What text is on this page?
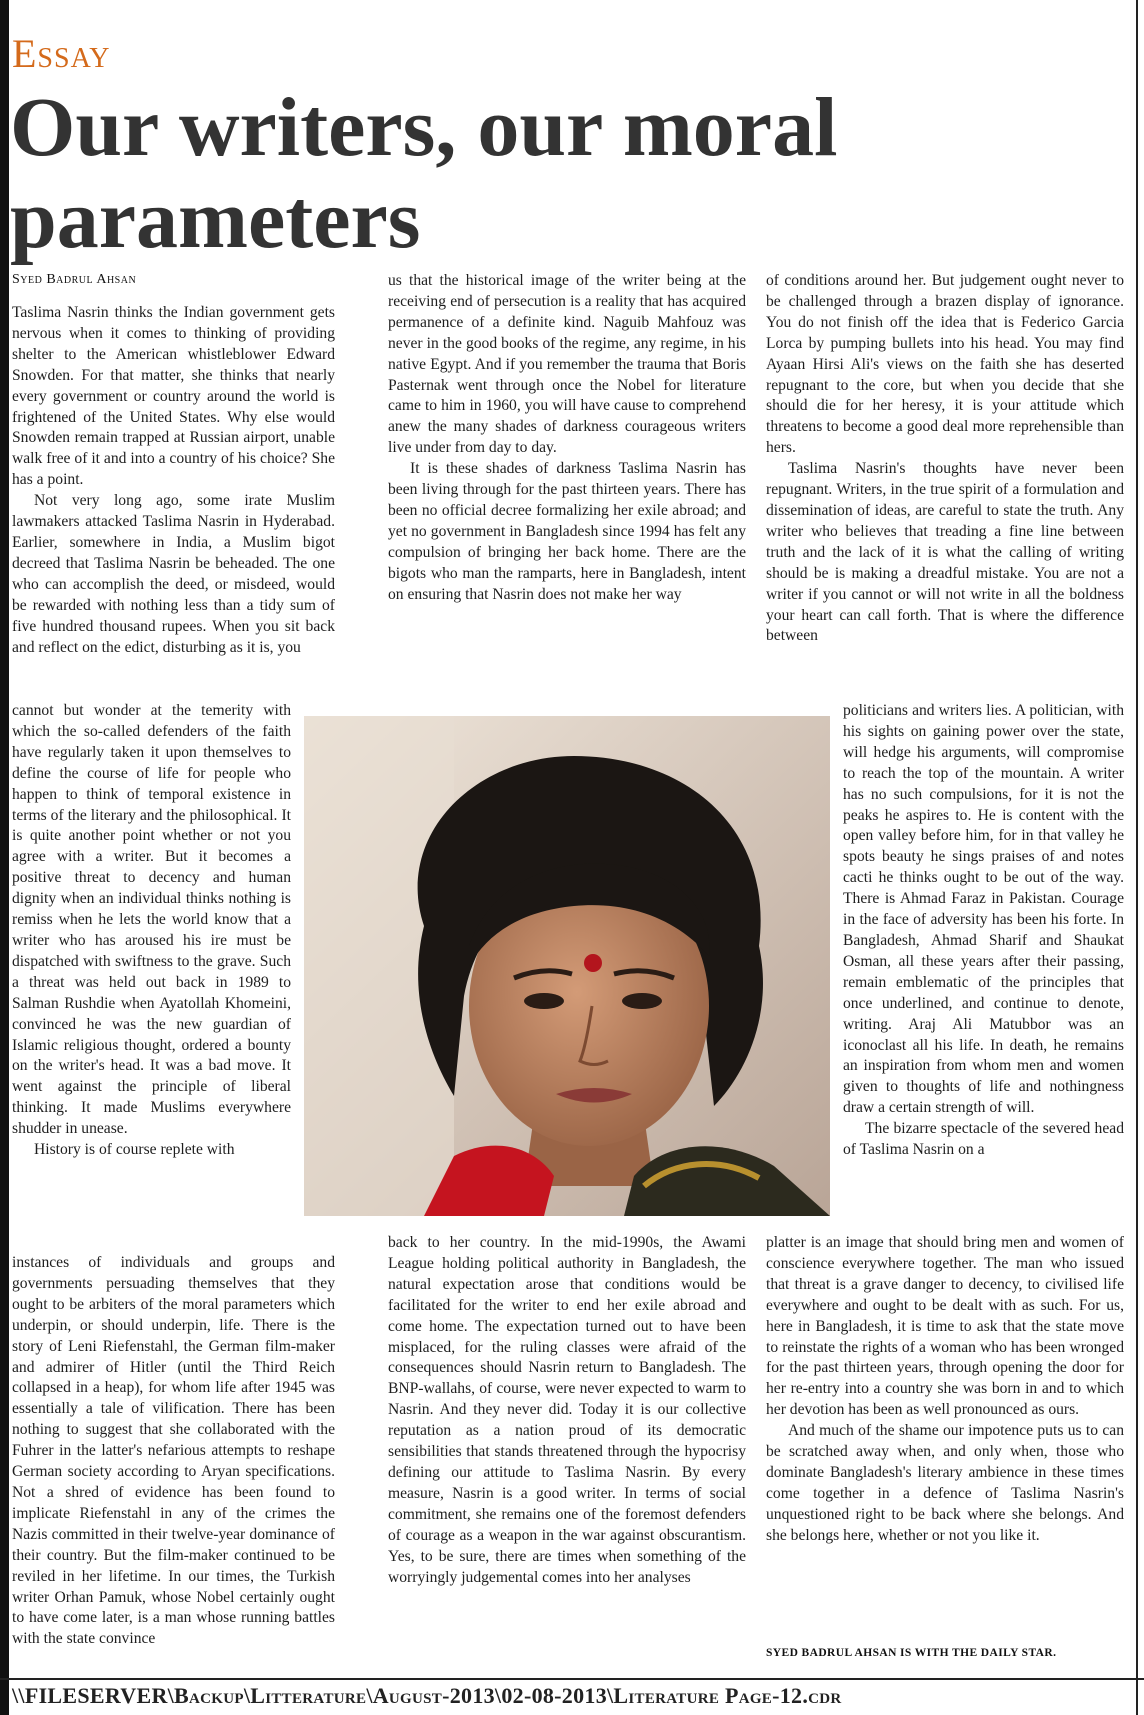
Essay
Our writers, our moral parameters
Syed Badrul Ahsan

Taslima Nasrin thinks the Indian government gets nervous when it comes to thinking of providing shelter to the American whistleblower Edward Snowden. For that matter, she thinks that nearly every government or country around the world is frightened of the United States. Why else would Snowden remain trapped at Russian airport, unable walk free of it and into a country of his choice? She has a point.

Not very long ago, some irate Muslim lawmakers attacked Taslima Nasrin in Hyderabad. Earlier, somewhere in India, a Muslim bigot decreed that Taslima Nasrin be beheaded. The one who can accomplish the deed, or misdeed, would be rewarded with nothing less than a tidy sum of five hundred thousand rupees. When you sit back and reflect on the edict, disturbing as it is, you

cannot but wonder at the temerity with which the so-called defenders of the faith have regularly taken it upon themselves to define the course of life for people who happen to think of temporal existence in terms of the literary and the philosophical. It is quite another point whether or not you agree with a writer. But it becomes a positive threat to decency and human dignity when an individual thinks nothing is remiss when he lets the world know that a writer who has aroused his ire must be dispatched with swiftness to the grave. Such a threat was held out back in 1989 to Salman Rushdie when Ayatollah Khomeini, convinced he was the new guardian of Islamic religious thought, ordered a bounty on the writer's head. It was a bad move. It went against the principle of liberal thinking. It made Muslims everywhere shudder in unease.

History is of course replete with

instances of individuals and groups and governments persuading themselves that they ought to be arbiters of the moral parameters which underpin, or should underpin, life. There is the story of Leni Riefenstahl, the German film-maker and admirer of Hitler (until the Third Reich collapsed in a heap), for whom life after 1945 was essentially a tale of vilification. There has been nothing to suggest that she collaborated with the Fuhrer in the latter's nefarious attempts to reshape German society according to Aryan specifications. Not a shred of evidence has been found to implicate Riefenstahl in any of the crimes the Nazis committed in their twelve-year dominance of their country. But the film-maker continued to be reviled in her lifetime. In our times, the Turkish writer Orhan Pamuk, whose Nobel certainly ought to have come later, is a man whose running battles with the state convince

us that the historical image of the writer being at the receiving end of persecution is a reality that has acquired permanence of a definite kind. Naguib Mahfouz was never in the good books of the regime, any regime, in his native Egypt. And if you remember the trauma that Boris Pasternak went through once the Nobel for literature came to him in 1960, you will have cause to comprehend anew the many shades of darkness courageous writers live under from day to day.

It is these shades of darkness Taslima Nasrin has been living through for the past thirteen years. There has been no official decree formalizing her exile abroad; and yet no government in Bangladesh since 1994 has felt any compulsion of bringing her back home. There are the bigots who man the ramparts, here in Bangladesh, intent on ensuring that Nasrin does not make her way

back to her country. In the mid-1990s, the Awami League holding political authority in Bangladesh, the natural expectation arose that conditions would be facilitated for the writer to end her exile abroad and come home. The expectation turned out to have been misplaced, for the ruling classes were afraid of the consequences should Nasrin return to Bangladesh. The BNP-wallahs, of course, were never expected to warm to Nasrin. And they never did. Today it is our collective reputation as a nation proud of its democratic sensibilities that stands threatened through the hypocrisy defining our attitude to Taslima Nasrin. By every measure, Nasrin is a good writer. In terms of social commitment, she remains one of the foremost defenders of courage as a weapon in the war against obscurantism. Yes, to be sure, there are times when something of the worryingly judgemental comes into her analyses

of conditions around her. But judgement ought never to be challenged through a brazen display of ignorance. You do not finish off the idea that is Federico Garcia Lorca by pumping bullets into his head. You may find Ayaan Hirsi Ali's views on the faith she has deserted repugnant to the core, but when you decide that she should die for her heresy, it is your attitude which threatens to become a good deal more reprehensible than hers.

Taslima Nasrin's thoughts have never been repugnant. Writers, in the true spirit of a formulation and dissemination of ideas, are careful to state the truth. Any writer who believes that treading a fine line between truth and the lack of it is what the calling of writing should be is making a dreadful mistake. You are not a writer if you cannot or will not write in all the boldness your heart can call forth. That is where the difference between

politicians and writers lies. A politician, with his sights on gaining power over the state, will hedge his arguments, will compromise to reach the top of the mountain. A writer has no such compulsions, for it is not the peaks he aspires to. He is content with the open valley before him, for in that valley he spots beauty he sings praises of and notes cacti he thinks ought to be out of the way. There is Ahmad Faraz in Pakistan. Courage in the face of adversity has been his forte. In Bangladesh, Ahmad Sharif and Shaukat Osman, all these years after their passing, remain emblematic of the principles that once underlined, and continue to denote, writing. Araj Ali Matubbor was an iconoclast all his life. In death, he remains an inspiration from whom men and women given to thoughts of life and nothingness draw a certain strength of will.

The bizarre spectacle of the severed head of Taslima Nasrin on a

platter is an image that should bring men and women of conscience everywhere together. The man who issued that threat is a grave danger to decency, to civilised life everywhere and ought to be dealt with as such. For us, here in Bangladesh, it is time to ask that the state move to reinstate the rights of a woman who has been wronged for the past thirteen years, through opening the door for her re-entry into a country she was born in and to which her devotion has been as well pronounced as ours.

And much of the shame our impotence puts us to can be scratched away when, and only when, those who dominate Bangladesh's literary ambience in these times come together in a defence of Taslima Nasrin's unquestioned right to be back where she belongs. And she belongs here, whether or not you like it.

SYED BADRUL AHSAN IS WITH THE DAILY STAR.
\\FILESERVER\Backup\Litterature\August-2013\02-08-2013\Literature Page-12.cdr
